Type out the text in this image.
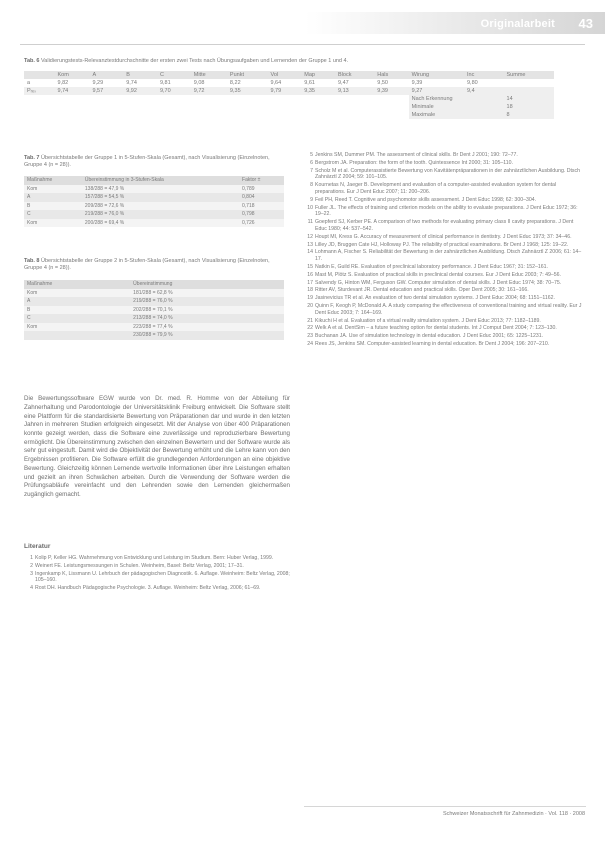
Originalarbeit 43
Tab. 6 Validierungstests-Relevanztestdurchschnitte der ersten zwei Tests nach Übungsaufgaben und Lernenden der Gruppe 1 und 4.
	Kom	A	B	C	Mitte	Punkt	Vol	Map	Block	Hals	Wirung	Inc	Summe
a	9,82	9,29	9,74	9,81	9,08	8,22	9,64	9,61	9,47	9,50	9,39	9,80	
Pᵣₑₛ	9,74	9,57	9,92	9,70	9,72	9,35	9,79	9,35	9,13	9,39	9,27	9,4	
											Nach Erkennung		14
											Minimale		18
											Maximale		8
Tab. 7 Übersichtstabelle der Gruppe 1 in 5-Stufen-Skala (Gesamt), nach Visualisierung (Einzelnoten, Gruppe 4 (n = 28)).
Maßnahme	Übereinstimmung in 3-Stufen-Skala	Faktor ±
Kom	138/288 = 47,9 %	0,789
A	157/288 = 54,5 %	0,804
B	209/288 = 72,6 %	0,718
C	219/288 = 76,0 %	0,798
Kom	200/288 = 69,4 %	0,726
Tab. 8 Übersichtstabelle der Gruppe 2 in 5-Stufen-Skala (Gesamt), nach Visualisierung (Einzelnoten, Gruppe 4 (n = 28)).
Maßnahme	Übereinstimmung
Kom	181/288 = 62,8 %
A	219/288 = 76,0 %
B	202/288 = 70,1 %
C	213/288 = 74,0 %
Kom	223/288 = 77,4 %
	230/288 = 79,9 %

Die Bewertungssoftware EGW wurde von Dr. med. R. Homme von der Abteilung für Zahnerhaltung und Parodontologie der Universitätsklinik Freiburg entwickelt. Die Software stellt eine Plattform für die standardisierte Bewertung von Präparationen dar und wurde in den letzten Jahren in mehreren Studien erfolgreich eingesetzt. Mit der Analyse von über 400 Präparationen konnte gezeigt werden, dass die Software eine zuverlässige und reproduzierbare Bewertung ermöglicht. Die Übereinstimmung zwischen den einzelnen Bewertern und der Software wurde als sehr gut eingestuft. Damit wird die Objektivität der Bewertung erhöht und die Lehre kann von den Ergebnissen profitieren. Die Software erfüllt die grundlegenden Anforderungen an eine objektive Bewertung. Gleichzeitig können Lernende wertvolle Informationen über ihre Leistungen erhalten und gezielt an ihren Schwächen arbeiten. Durch die Verwendung der Software werden die Prüfungsabläufe vereinfacht und den Lehrenden sowie den Lernenden gleichermaßen zugänglich gemacht.

Literatur
1 Kolip P, Keller HG. Wahrnehmung von Entwicklung und Leistung im Studium. Bern: Huber Verlag, 1999.
2 Weinert FE. Leistungsmessungen in Schulen. Weinheim, Basel: Beltz Verlag, 2001; 17–31.
3 Ingenkamp K, Lissmann U. Lehrbuch der pädagogischen Diagnostik. 6. Auflage. Weinheim: Beltz Verlag, 2008; 105–160.
4 Rost DH. Handbuch Pädagogische Psychologie. 3. Auflage. Weinheim: Beltz Verlag, 2006; 61–69.
5 Jenkins SM, Dummer PM. The assessment of clinical skills. Br Dent J 2001; 190: 72–77.
6 Bergstrom JA. Preparation: the form of the tooth. Quintessence Int 2000; 31: 105–110.
7 Scholz M et al. Computerassistierte Bewertung von Kavitätenpräparationen in der zahnärztlichen Ausbildung. Dtsch Zahnärztl Z 2004; 59: 101–105.
8 Kournetas N, Jaeger B. Development and evaluation of a computer-assisted evaluation system for dental preparations. Eur J Dent Educ 2007; 11: 200–206.
9 Feil PH, Reed T. Cognitive and psychomotor skills assessment. J Dent Educ 1998; 62: 300–304.
10 Fuller JL. The effects of training and criterion models on the ability to evaluate preparations. J Dent Educ 1972; 36: 19–22.
11 Goepferd SJ, Kerber PE. A comparison of two methods for evaluating primary class II cavity preparations. J Dent Educ 1980; 44: 537–542.
12 Houpt MI, Kress G. Accuracy of measurement of clinical performance in dentistry. J Dent Educ 1973; 37: 34–46.
13 Lilley JD, Bruggen Cate HJ, Holloway PJ. The reliability of practical examinations. Br Dent J 1968; 125: 19–22.
14 Lohmann A, Fischer S. Reliabilität der Bewertung in der zahnärztlichen Ausbildung. Dtsch Zahnärztl Z 2006; 61: 14–17.
15 Natkin E, Guild RE. Evaluation of preclinical laboratory performance. J Dent Educ 1967; 31: 152–161.
16 Mast M, Plötz S. Evaluation of practical skills in preclinical dental courses. Eur J Dent Educ 2003; 7: 49–56.
17 Salvendy G, Hinton WM, Ferguson GW. Computer simulation of dental skills. J Dent Educ 1974; 38: 70–75.
18 Ritter AV, Sturdevant JR. Dental education and practical skills. Oper Dent 2005; 30: 161–166.
19 Jasinevicius TR et al. An evaluation of two dental simulation systems. J Dent Educ 2004; 68: 1151–1162.
20 Quinn F, Keogh P, McDonald A. A study comparing the effectiveness of conventional training and virtual reality. Eur J Dent Educ 2003; 7: 164–169.
21 Kikuchi H et al. Evaluation of a virtual reality simulation system. J Dent Educ 2013; 77: 1182–1189.
22 Welk A et al. DentSim – a future teaching option for dental students. Int J Comput Dent 2004; 7: 123–130.
23 Buchanan JA. Use of simulation technology in dental education. J Dent Educ 2001; 65: 1225–1231.
24 Rees JS, Jenkins SM. Computer-assisted learning in dental education. Br Dent J 2004; 196: 207–210.
Schweizer Monatsschrift für Zahnmedizin · Vol. 118 · 2008
